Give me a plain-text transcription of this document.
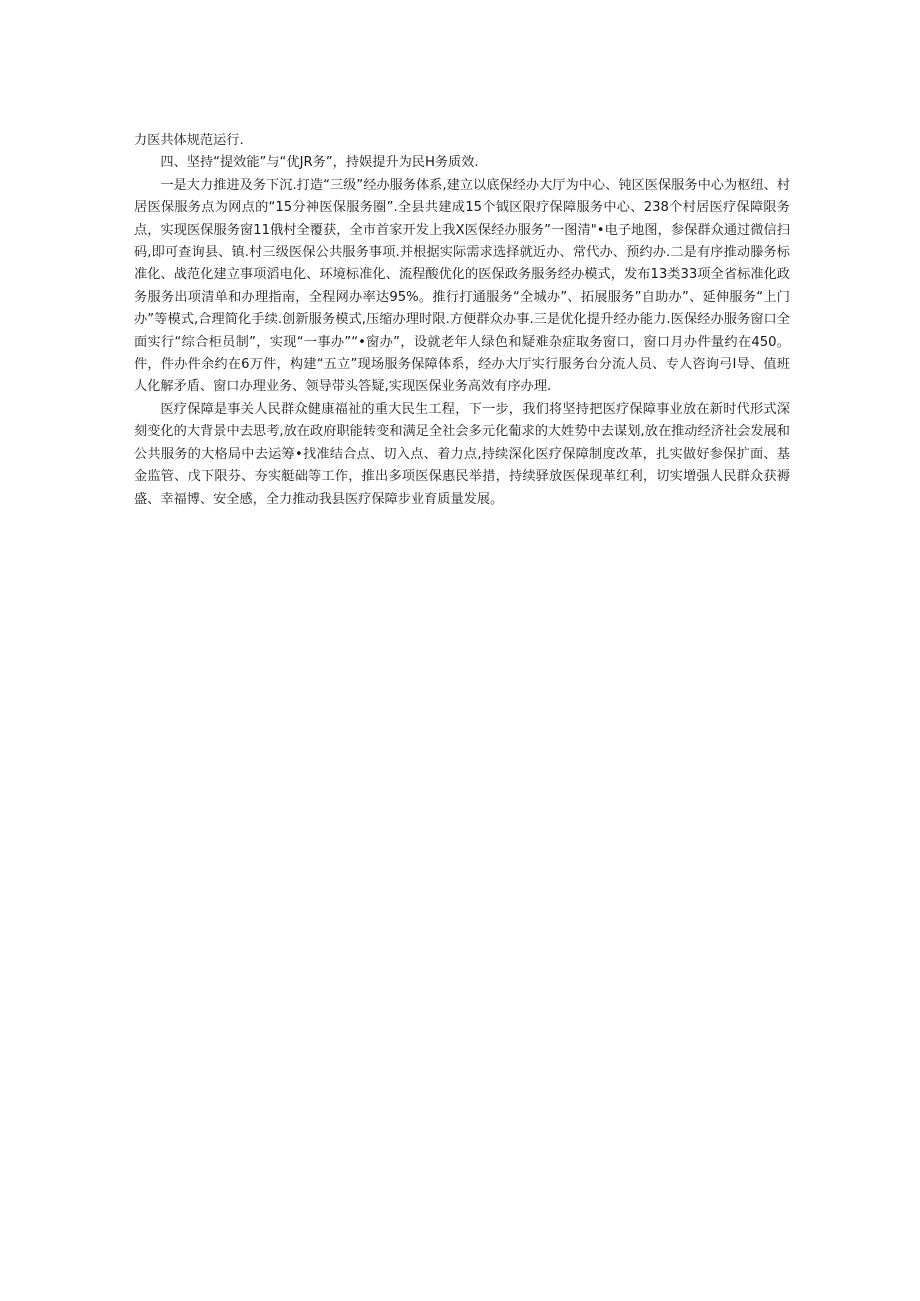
力医共体规范运行.

四、坚持“提效能”与“优JR务”，持娱提升为民H务质效.

一是大力推进及务下沉.打造“三级”经办服务体系,建立以底保经办大厅为中心、钝区医保服务中心为枢纽、村居医保服务点为网点的“15分神医保服务圈”.全县共建成15个钺区限疗保障服务中心、238个村居医疗保障限务点，实现医保服务窗11俄村全覆获，全市首家开发上我X医保经办服务”一图清"•电子地图，参保群众通过微信扫码,即可查询县、镇.村三级医保公共服务事项.并根据实际需求选择就近办、常代办、预约办.二是有序推动滕务标准化、战范化建立事项滔电化、环境标准化、流程酸优化的医保政务服务经办模式，发布13类33项全省标准化政务服务出项清单和办理指南，全程网办率达95%。推行打通服务“全城办”、拓展服务”自助办”、延伸服务“上门办”等模式,合理简化手续.创新服务模式,压缩办理时限.方便群众办事.三是优化提升经办能力.医保经办服务窗口全面实行“综合柜员制”，实现“一事办”“•窗办”，设就老年人绿色和疑难杂症取务窗口，窗口月办件量约在450。件，件办件余约在6万件，构建“五立”现场服务保障体系，经办大厅实行服务台分流人员、专人咨询弓I导、值班人化解矛盾、窗口办理业务、领导带头答疑,实现医保业务高效有序办理.

医疗保障是事关人民群众健康福祉的重大民生工程，下一步，我们将坚持把医疗保障事业放在新时代形式深刻变化的大背景中去思考,放在政府职能转变和满足全社会多元化葡求的大姓势中去谋划,放在推动经济社会发展和公共服务的大格局中去运筹•找准结合点、切入点、着力点,持续深化医疗保障制度改革，扎实做好参保扩面、基金监管、戊下限芬、夯实艇础等工作，推出多项医保惠民举措，持续驿放医保现革红利，切实增强人民群众获褥盛、幸福博、安全感，全力推动我县医疗保障步业育质量发展。
